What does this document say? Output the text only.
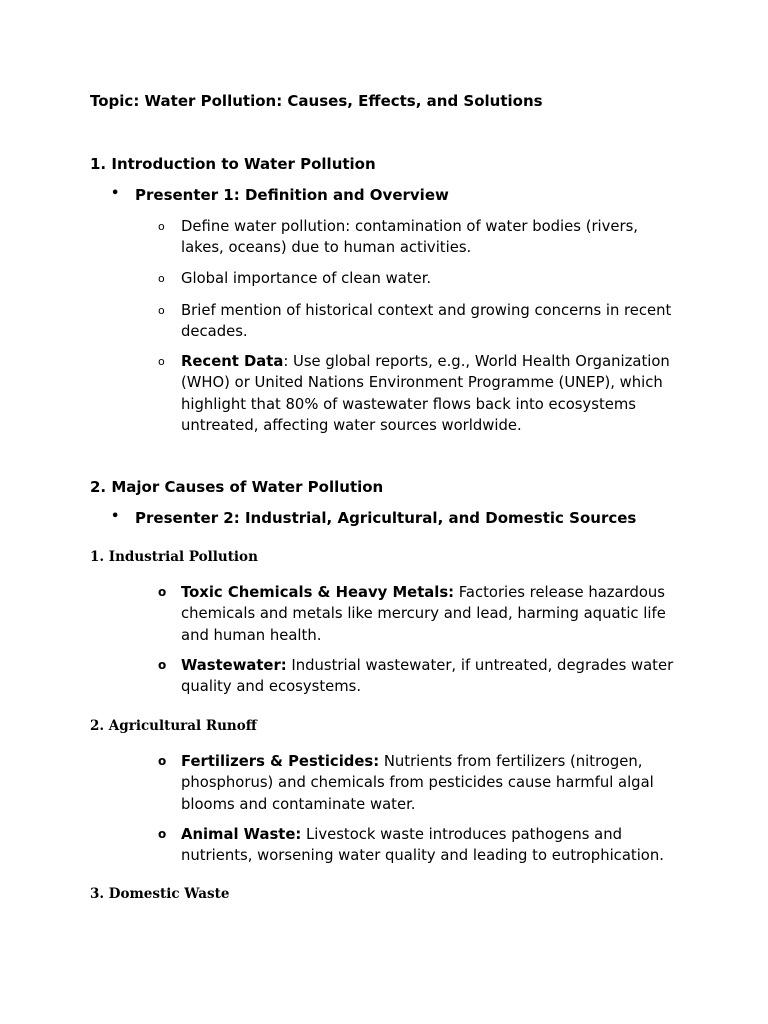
Topic: Water Pollution: Causes, Effects, and Solutions
1. Introduction to Water Pollution
• Presenter 1: Definition and Overview
o Define water pollution: contamination of water bodies (rivers, lakes, oceans) due to human activities.
o Global importance of clean water.
o Brief mention of historical context and growing concerns in recent decades.
o Recent Data: Use global reports, e.g., World Health Organization (WHO) or United Nations Environment Programme (UNEP), which highlight that 80% of wastewater flows back into ecosystems untreated, affecting water sources worldwide.
2. Major Causes of Water Pollution
• Presenter 2: Industrial, Agricultural, and Domestic Sources
1. Industrial Pollution
o Toxic Chemicals & Heavy Metals: Factories release hazardous chemicals and metals like mercury and lead, harming aquatic life and human health.
o Wastewater: Industrial wastewater, if untreated, degrades water quality and ecosystems.
2. Agricultural Runoff
o Fertilizers & Pesticides: Nutrients from fertilizers (nitrogen, phosphorus) and chemicals from pesticides cause harmful algal blooms and contaminate water.
o Animal Waste: Livestock waste introduces pathogens and nutrients, worsening water quality and leading to eutrophication.
3. Domestic Waste
